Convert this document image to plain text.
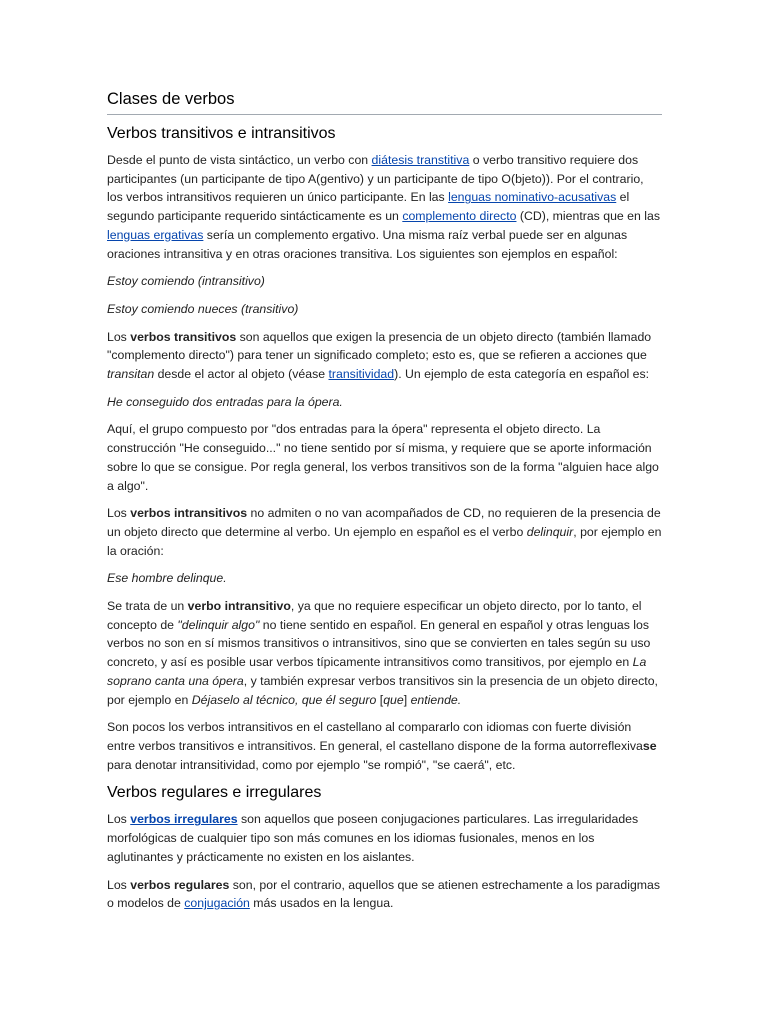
Clases de verbos
Verbos transitivos e intransitivos

Desde el punto de vista sintáctico, un verbo con diátesis transtitiva o verbo transitivo requiere dos participantes (un participante de tipo A(gentivo) y un participante de tipo O(bjeto)). Por el contrario, los verbos intransitivos requieren un único participante. En las lenguas nominativo-acusativas el segundo participante requerido sintácticamente es un complemento directo (CD), mientras que en las lenguas ergativas sería un complemento ergativo. Una misma raíz verbal puede ser en algunas oraciones intransitiva y en otras oraciones transitiva. Los siguientes son ejemplos en español:

Estoy comiendo (intransitivo)

Estoy comiendo nueces (transitivo)

Los verbos transitivos son aquellos que exigen la presencia de un objeto directo (también llamado "complemento directo") para tener un significado completo; esto es, que se refieren a acciones que transitan desde el actor al objeto (véase transitividad). Un ejemplo de esta categoría en español es:

He conseguido dos entradas para la ópera.

Aquí, el grupo compuesto por "dos entradas para la ópera" representa el objeto directo. La construcción "He conseguido..." no tiene sentido por sí misma, y requiere que se aporte información sobre lo que se consigue. Por regla general, los verbos transitivos son de la forma "alguien hace algo a algo".

Los verbos intransitivos no admiten o no van acompañados de CD, no requieren de la presencia de un objeto directo que determine al verbo. Un ejemplo en español es el verbo delinquir, por ejemplo en la oración:

Ese hombre delinque.

Se trata de un verbo intransitivo, ya que no requiere especificar un objeto directo, por lo tanto, el concepto de "delinquir algo" no tiene sentido en español. En general en español y otras lenguas los verbos no son en sí mismos transitivos o intransitivos, sino que se convierten en tales según su uso concreto, y así es posible usar verbos típicamente intransitivos como transitivos, por ejemplo en La soprano canta una ópera, y también expresar verbos transitivos sin la presencia de un objeto directo, por ejemplo en Déjaselo al técnico, que él seguro [que] entiende.

Son pocos los verbos intransitivos en el castellano al compararlo con idiomas con fuerte división entre verbos transitivos e intransitivos. En general, el castellano dispone de la forma autorreflexivase para denotar intransitividad, como por ejemplo "se rompió", "se caerá", etc.

Verbos regulares e irregulares

Los verbos irregulares son aquellos que poseen conjugaciones particulares. Las irregularidades morfológicas de cualquier tipo son más comunes en los idiomas fusionales, menos en los aglutinantes y prácticamente no existen en los aislantes.

Los verbos regulares son, por el contrario, aquellos que se atienen estrechamente a los paradigmas o modelos de conjugación más usados en la lengua.
